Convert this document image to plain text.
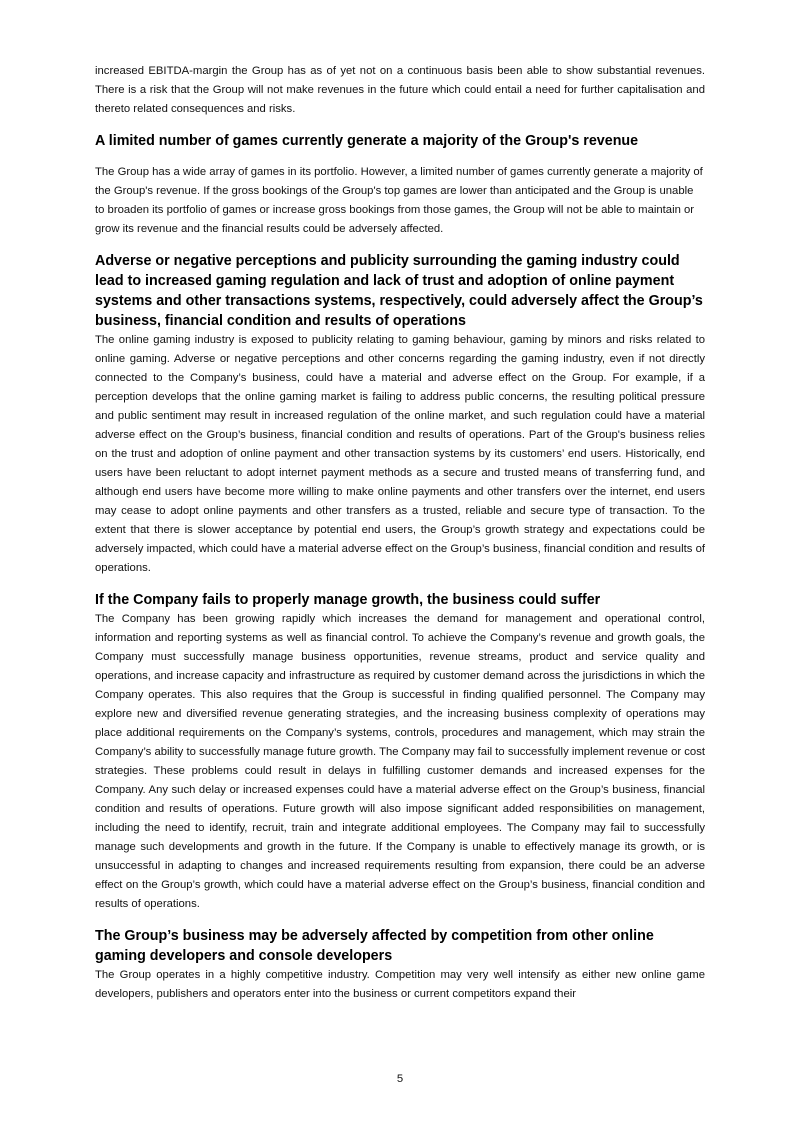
increased EBITDA-margin the Group has as of yet not on a continuous basis been able to show substantial revenues. There is a risk that the Group will not make revenues in the future which could entail a need for further capitalisation and thereto related consequences and risks.

A limited number of games currently generate a majority of the Group's revenue

The Group has a wide array of games in its portfolio. However, a limited number of games currently generate a majority of the Group's revenue. If the gross bookings of the Group's top games are lower than anticipated and the Group is unable to broaden its portfolio of games or increase gross bookings from those games, the Group will not be able to maintain or grow its revenue and the financial results could be adversely affected.

Adverse or negative perceptions and publicity surrounding the gaming industry could lead to increased gaming regulation and lack of trust and adoption of online payment systems and other transactions systems, respectively, could adversely affect the Group’s business, financial condition and results of operations

The online gaming industry is exposed to publicity relating to gaming behaviour, gaming by minors and risks related to online gaming. Adverse or negative perceptions and other concerns regarding the gaming industry, even if not directly connected to the Company’s business, could have a material and adverse effect on the Group. For example, if a perception develops that the online gaming market is failing to address public concerns, the resulting political pressure and public sentiment may result in increased regulation of the online market, and such regulation could have a material adverse effect on the Group’s business, financial condition and results of operations. Part of the Group's business relies on the trust and adoption of online payment and other transaction systems by its customers’ end users. Historically, end users have been reluctant to adopt internet payment methods as a secure and trusted means of transferring fund, and although end users have become more willing to make online payments and other transfers over the internet, end users may cease to adopt online payments and other transfers as a trusted, reliable and secure type of transaction. To the extent that there is slower acceptance by potential end users, the Group’s growth strategy and expectations could be adversely impacted, which could have a material adverse effect on the Group’s business, financial condition and results of operations.

If the Company fails to properly manage growth, the business could suffer

The Company has been growing rapidly which increases the demand for management and operational control, information and reporting systems as well as financial control. To achieve the Company’s revenue and growth goals, the Company must successfully manage business opportunities, revenue streams, product and service quality and operations, and increase capacity and infrastructure as required by customer demand across the jurisdictions in which the Company operates. This also requires that the Group is successful in finding qualified personnel. The Company may explore new and diversified revenue generating strategies, and the increasing business complexity of operations may place additional requirements on the Company’s systems, controls, procedures and management, which may strain the Company’s ability to successfully manage future growth. The Company may fail to successfully implement revenue or cost strategies. These problems could result in delays in fulfilling customer demands and increased expenses for the Company. Any such delay or increased expenses could have a material adverse effect on the Group’s business, financial condition and results of operations. Future growth will also impose significant added responsibilities on management, including the need to identify, recruit, train and integrate additional employees. The Company may fail to successfully manage such developments and growth in the future. If the Company is unable to effectively manage its growth, or is unsuccessful in adapting to changes and increased requirements resulting from expansion, there could be an adverse effect on the Group’s growth, which could have a material adverse effect on the Group’s business, financial condition and results of operations.

The Group’s business may be adversely affected by competition from other online gaming developers and console developers

The Group operates in a highly competitive industry. Competition may very well intensify as either new online game developers, publishers and operators enter into the business or current competitors expand their

5
